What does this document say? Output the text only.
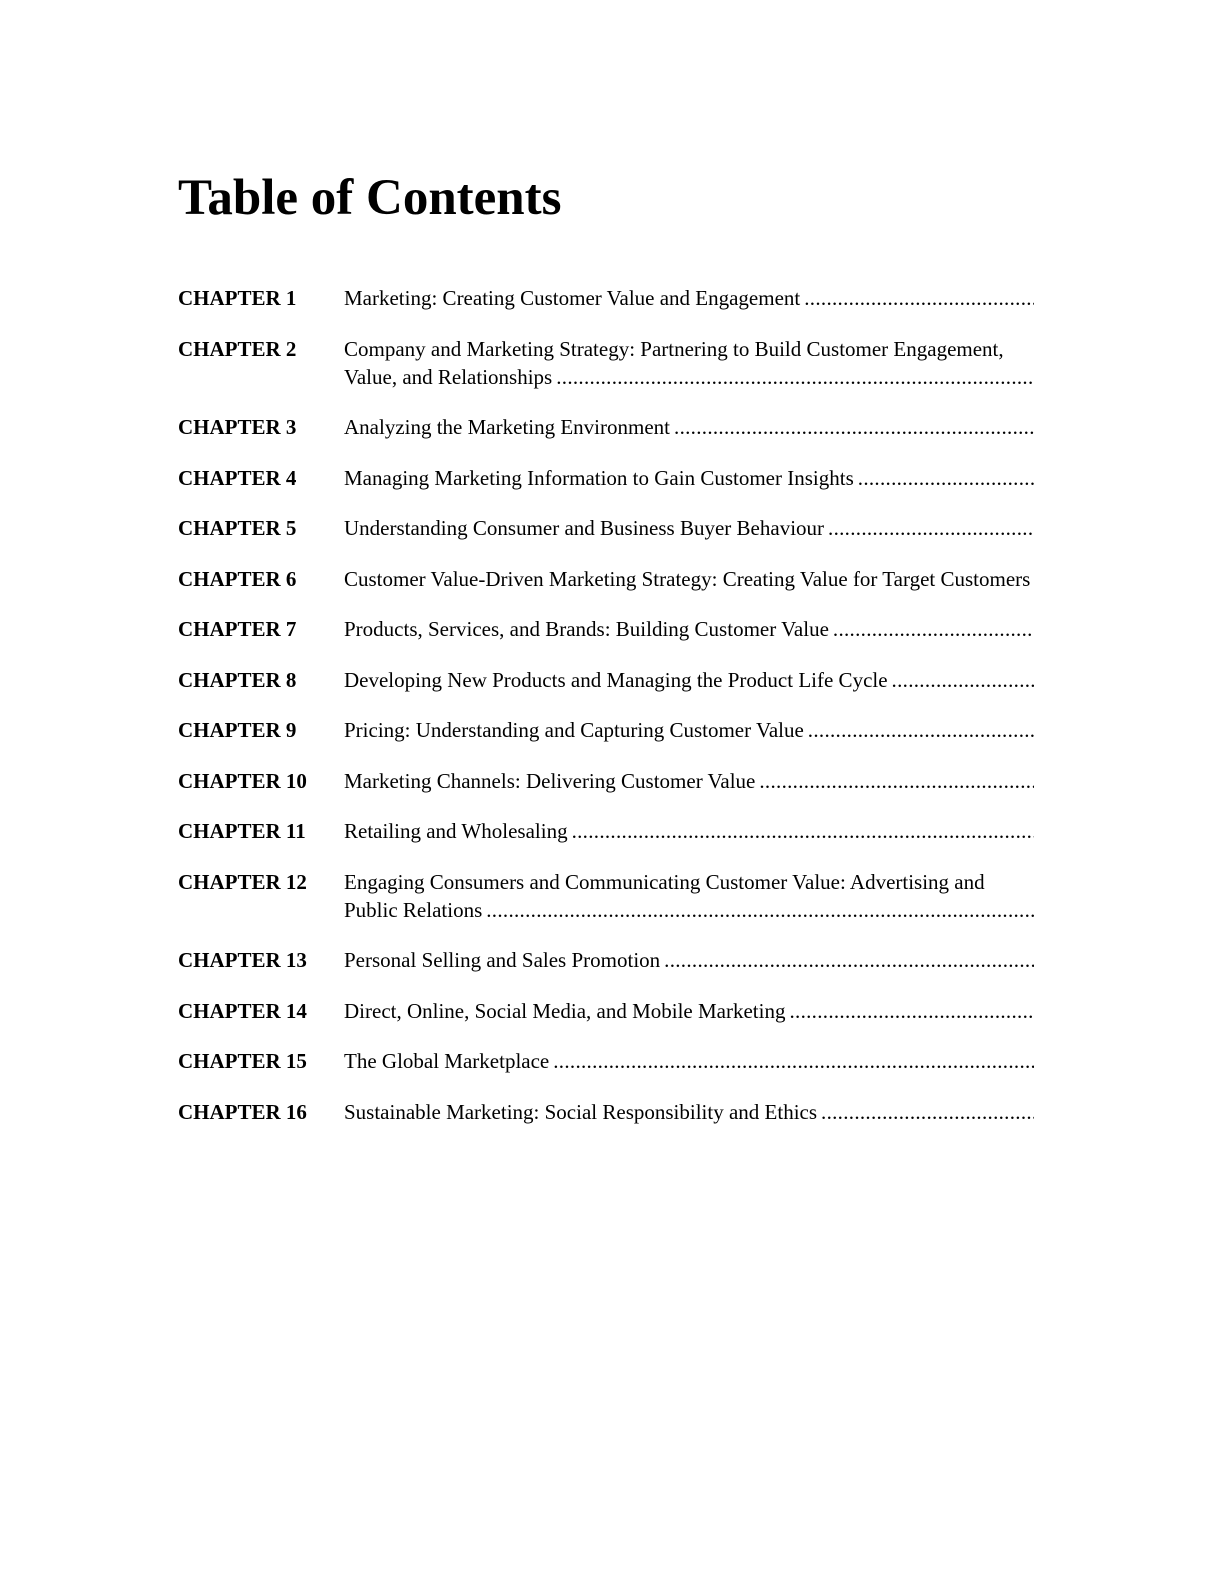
Table of Contents
CHAPTER 1	Marketing: Creating Customer Value and Engagement .....
CHAPTER 2	Company and Marketing Strategy: Partnering to Build Customer Engagement, Value, and Relationships .....
CHAPTER 3	Analyzing the Marketing Environment .....
CHAPTER 4	Managing Marketing Information to Gain Customer Insights .....
CHAPTER 5	Understanding Consumer and Business Buyer Behaviour .....
CHAPTER 6	Customer Value-Driven Marketing Strategy: Creating Value for Target Customers .....
CHAPTER 7	Products, Services, and Brands: Building Customer Value .....
CHAPTER 8	Developing New Products and Managing the Product Life Cycle .....
CHAPTER 9	Pricing: Understanding and Capturing Customer Value .....
CHAPTER 10	Marketing Channels: Delivering Customer Value .....
CHAPTER 11	Retailing and Wholesaling .....
CHAPTER 12	Engaging Consumers and Communicating Customer Value: Advertising and Public Relations .....
CHAPTER 13	Personal Selling and Sales Promotion .....
CHAPTER 14	Direct, Online, Social Media, and Mobile Marketing .....
CHAPTER 15	The Global Marketplace .....
CHAPTER 16	Sustainable Marketing: Social Responsibility and Ethics .....
